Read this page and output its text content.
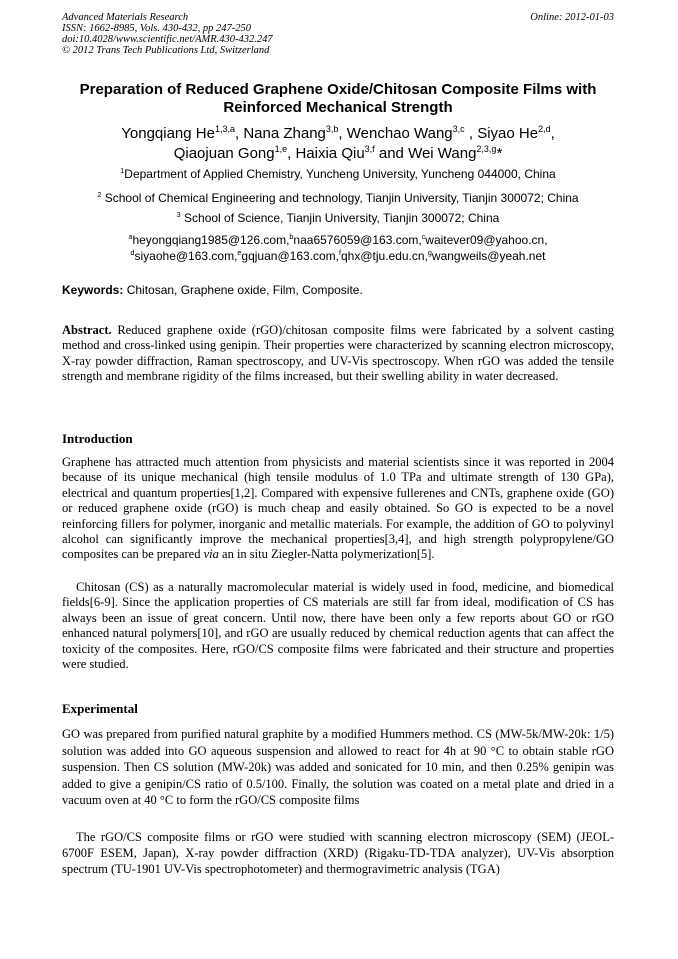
Advanced Materials Research
ISSN: 1662-8985, Vols. 430-432, pp 247-250
doi:10.4028/www.scientific.net/AMR.430-432.247
© 2012 Trans Tech Publications Ltd, Switzerland
Online: 2012-01-03
Preparation of Reduced Graphene Oxide/Chitosan Composite Films with
Reinforced Mechanical Strength
Yongqiang He$^{1,3,a}$, Nana Zhang$^{3,b}$, Wenchao Wang$^{3,c}$ , Siyao He$^{2,d}$,
Qiaojuan Gong$^{1,e}$, Haixia Qiu$^{3,f}$ and Wei Wang$^{2,3,g}$*
$^1$Department of Applied Chemistry, Yuncheng University, Yuncheng 044000, China
$^2$ School of Chemical Engineering and technology, Tianjin University, Tianjin 300072; China
$^3$ School of Science, Tianjin University, Tianjin 300072; China
$^a$heyongqiang1985@126.com,$^b$naa6576059@163.com,$^c$waitever09@yahoo.cn,
$^d$siyaohe@163.com,$^e$gqjuan@163.com,$^f$qhx@tju.edu.cn,$^g$wangweils@yeah.net
Keywords: Chitosan, Graphene oxide, Film, Composite.
Abstract. Reduced graphene oxide (rGO)/chitosan composite films were fabricated by a solvent casting method and cross-linked using genipin. Their properties were characterized by scanning electron microscopy, X-ray powder diffraction, Raman spectroscopy, and UV-Vis spectroscopy. When rGO was added the tensile strength and membrane rigidity of the films increased, but their swelling ability in water decreased.
Introduction
Graphene has attracted much attention from physicists and material scientists since it was reported in 2004 because of its unique mechanical (high tensile modulus of 1.0 TPa and ultimate strength of 130 GPa), electrical and quantum properties[1,2]. Compared with expensive fullerenes and CNTs, graphene oxide (GO) or reduced graphene oxide (rGO) is much cheap and easily obtained. So GO is expected to be a novel reinforcing fillers for polymer, inorganic and metallic materials. For example, the addition of GO to polyvinyl alcohol can significantly improve the mechanical properties[3,4], and high strength polypropylene/GO composites can be prepared via an in situ Ziegler-Natta polymerization[5].
Chitosan (CS) as a naturally macromolecular material is widely used in food, medicine, and biomedical fields[6-9]. Since the application properties of CS materials are still far from ideal, modification of CS has always been an issue of great concern. Until now, there have been only a few reports about GO or rGO enhanced natural polymers[10], and rGO are usually reduced by chemical reduction agents that can affect the toxicity of the composites. Here, rGO/CS composite films were fabricated and their structure and properties were studied.
Experimental
GO was prepared from purified natural graphite by a modified Hummers method. CS (MW-5k/MW-20k: 1/5) solution was added into GO aqueous suspension and allowed to react for 4h at 90 °C to obtain stable rGO suspension. Then CS solution (MW-20k) was added and sonicated for 10 min, and then 0.25% genipin was added to give a genipin/CS ratio of 0.5/100. Finally, the solution was coated on a metal plate and dried in a vacuum oven at 40 °C to form the rGO/CS composite films
The rGO/CS composite films or rGO were studied with scanning electron microscopy (SEM) (JEOL-6700F ESEM, Japan), X-ray powder diffraction (XRD) (Rigaku-TD-TDA analyzer), UV-Vis absorption spectrum (TU-1901 UV-Vis spectrophotometer) and thermogravimetric analysis (TGA)
